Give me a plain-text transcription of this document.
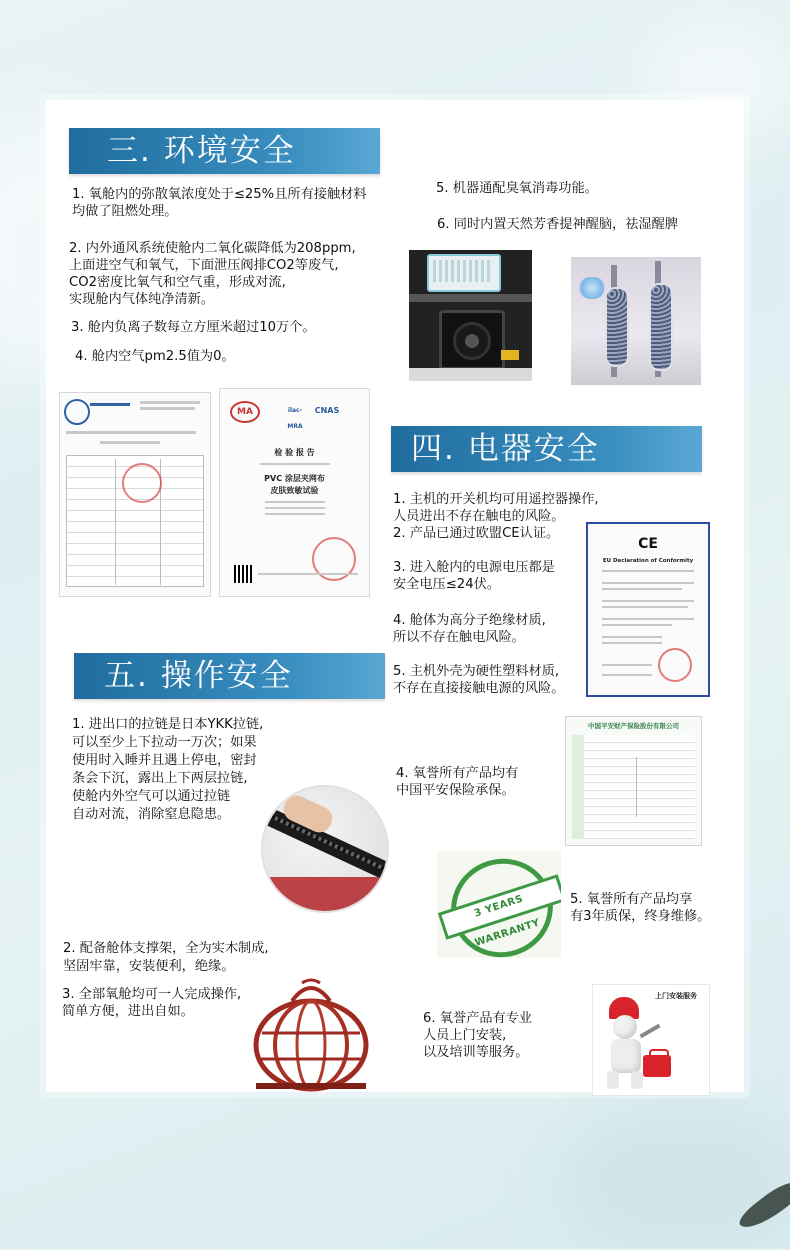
三. 环境安全
1. 氧舱内的弥散氧浓度处于≤25%且所有接触材料
均做了阻燃处理。
2. 内外通风系统使舱内二氧化碳降低为208ppm,
上面进空气和氧气，下面泄压阀排CO2等废气,
CO2密度比氧气和空气重，形成对流,
实现舱内气体纯净清新。
3. 舱内负离子数每立方厘米超过10万个。
4. 舱内空气pm2.5值为0。
5. 机器通配臭氧消毒功能。
6. 同时内置天然芳香提神醒脑，祛湿醒脾
MA	ilac-MRA
CNAS
检 验 报 告
PVC 涂层夹网布
皮肤致敏试验
四. 电器安全
1. 主机的开关机均可用遥控器操作,
人员进出不存在触电的风险。
2. 产品已通过欧盟CE认证。
3. 进入舱内的电源电压都是
安全电压≤24伏。
4. 舱体为高分子绝缘材质,
所以不存在触电风险。
5. 主机外壳为硬性塑料材质,
不存在直接接触电源的风险。
CE
EU Declaration of Conformity
五. 操作安全
1. 进出口的拉链是日本YKK拉链,
可以至少上下拉动一万次；如果
使用时入睡并且遇上停电，密封
条会下沉，露出上下两层拉链,
使舱内外空气可以通过拉链
自动对流，消除窒息隐患。
2. 配备舱体支撑架，全为实木制成,
坚固牢靠，安装便利，绝缘。
3. 全部氧舱均可一人完成操作,
简单方便，进出自如。
中国平安财产保险股份有限公司
4. 氧誉所有产品均有
中国平安保险承保。
3 YEARS WARRANTY
5. 氧誉所有产品均享
有3年质保，终身维修。
6. 氧誉产品有专业
人员上门安装,
以及培训等服务。
上门安装服务
